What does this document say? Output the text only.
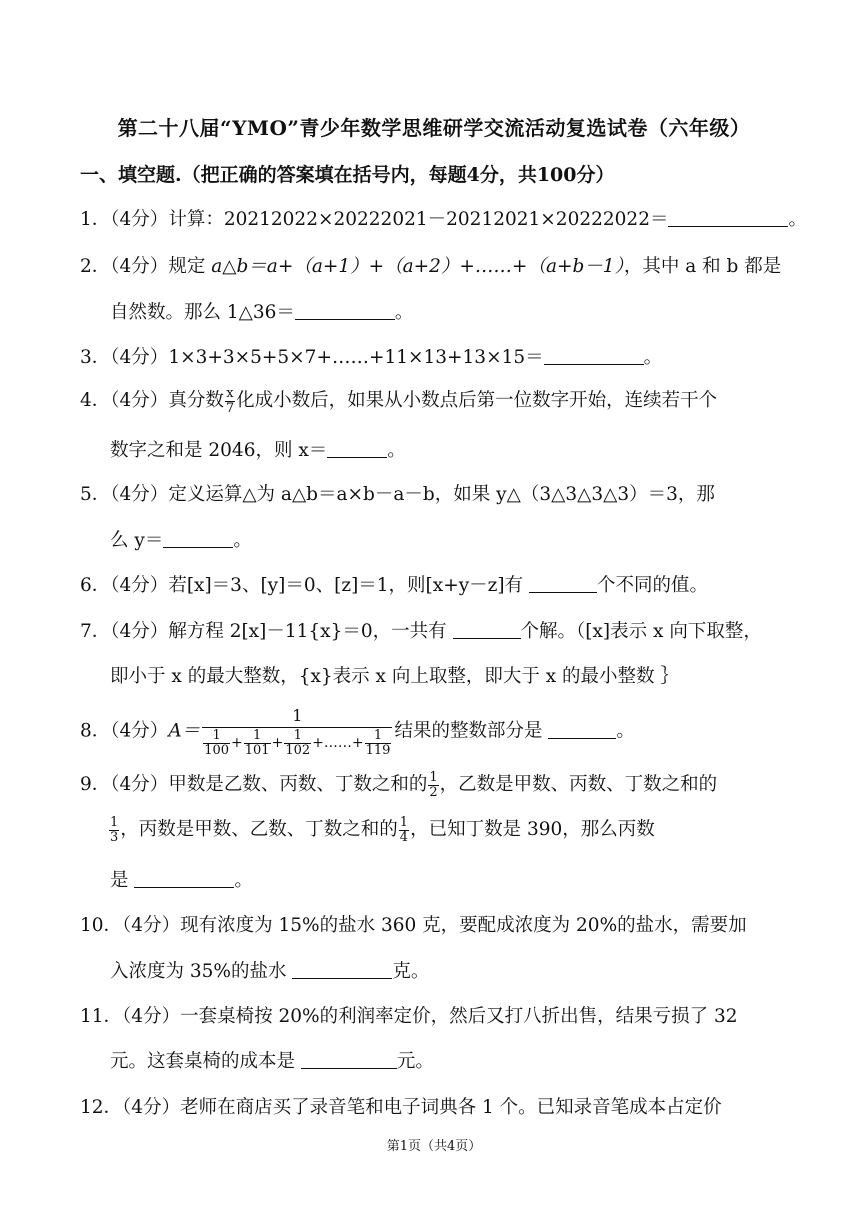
第二十八届“YMO”青少年数学思维研学交流活动复选试卷（六年级）
一、填空题.（把正确的答案填在括号内，每题4分，共100分）
1．（4分）计算：20212022×20222021－20212021×20222022＝	。
2．（4分）规定 a△b＝a+（a+1）+（a+2）+……+（a+b－1），其中 a 和 b 都是
自然数。那么 1△36＝	。
3．（4分）1×3+3×5+5×7+……+11×13+13×15＝	。
4．（4分）真分数 $\frac{x}{7}$ 化成小数后，如果从小数点后第一位数字开始，连续若干个
数字之和是 2046，则 x＝	。
5．（4分）定义运算△为 a△b＝a×b－a－b，如果 y△（3△3△3△3）＝3，那
么 y＝	。
6．（4分）若[x]＝3、[y]＝0、[z]＝1，则[x+y－z]有	个不同的值。
7．（4分）解方程 2[x]－11{x}＝0，一共有	个解。（[x]表示 x 向下取整，
即小于 x 的最大整数，{x}表示 x 向上取整，即大于 x 的最小整数 ｝
8．（4分）$A= \frac{1}{\frac{1}{100} + \frac{1}{101} + \frac{1}{102} +\dots\dots+ \frac{1}{119}}$ 结果的整数部分是	。
9．（4分）甲数是乙数、丙数、丁数之和的 $\frac{1}{2}$ ，乙数是甲数、丙数、丁数之和的
$\frac{1}{3}$ ，丙数是甲数、乙数、丁数之和的 $\frac{1}{4}$ ，已知丁数是 390，那么丙数
是	。
10．（4分）现有浓度为 15%的盐水 360 克，要配成浓度为 20%的盐水，需要加
入浓度为 35%的盐水	克。
11．（4分）一套桌椅按 20%的利润率定价，然后又打八折出售，结果亏损了 32
元。这套桌椅的成本是	元。
12．（4分）老师在商店买了录音笔和电子词典各 1 个。已知录音笔成本占定价
第1页（共4页）
